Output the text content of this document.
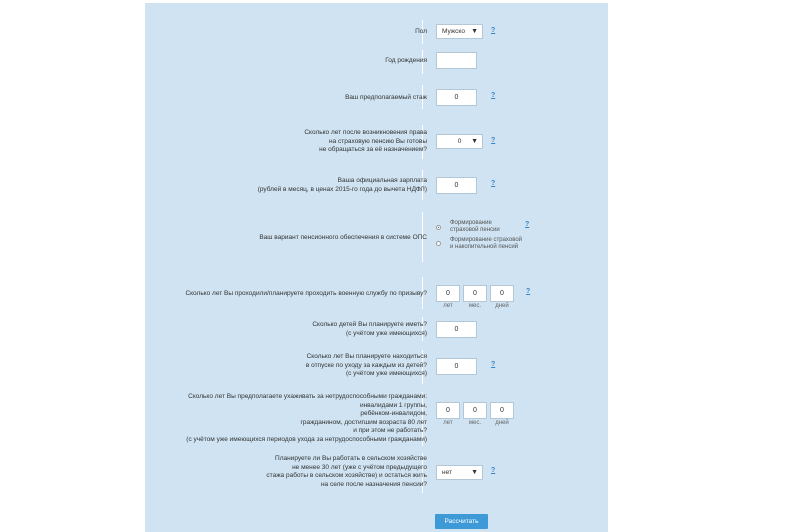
Пол	Мужско ▼ ?
Год рождения
Ваш предполагаемый стаж	0	?
Сколько лет после возникновения права
на страховую пенсию Вы готовы
не обращаться за её назначением?
0 ▼ ?
Ваша официальная зарплата
(рублей в месяц, в ценах 2015-го года до вычета НДФЛ)
0	?
Ваш вариант пенсионного обеспечения в системе ОПС
Формирование
страховой пенсии
Формирование страховой
и накопительной пенсий
?
Сколько лет Вы проходили/планируете проходить военную службу по призыву?	0	0	0
лет	мес.	дней
?
Сколько детей Вы планируете иметь?
(с учётом уже имеющихся)
0
Сколько лет Вы планируете находиться
в отпуске по уходу за каждым из детей?
(с учётом уже имеющихся)
0	?
Сколько лет Вы предполагаете ухаживать за нетрудоспособными гражданами:
инвалидами 1 группы,
ребёнком-инвалидом,
гражданином, достигшим возраста 80 лет
и при этом не работать?
(с учётом уже имеющихся периодов ухода за нетрудоспособными гражданами)
0	0	0
лет	мес.	дней
Планируете ли Вы работать в сельском хозяйстве
не менее 30 лет (уже с учётом предыдущего
стажа работы в сельском хозяйстве) и остаться жить
на селе после назначения пенсии?
нет	▼ ?
Рассчитать
